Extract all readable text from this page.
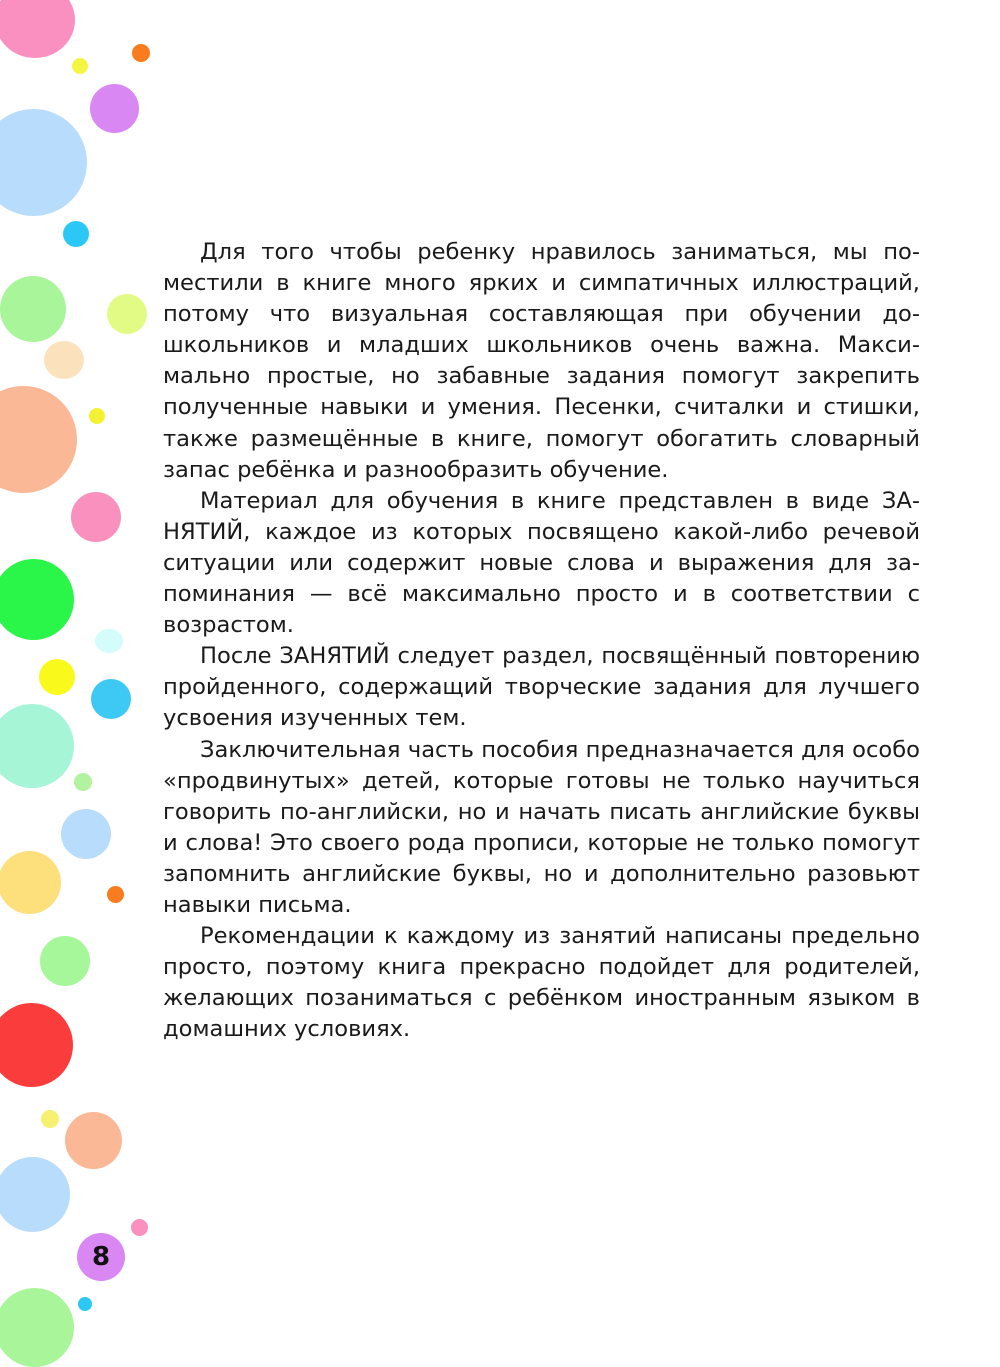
8

Для того чтобы ребенку нравилось заниматься, мы поместили в книге много ярких и симпатичных иллюстраций, потому что визуальная составляющая при обучении дошкольников и младших школьников очень важна. Максимально простые, но забавные задания помогут закрепить полученные навыки и умения. Песенки, считалки и стишки, также размещённые в книге, помогут обогатить словарный запас ребёнка и разнообразить обучение.

Материал для обучения в книге представлен в виде ЗАНЯТИЙ, каждое из которых посвящено какой-либо речевой ситуации или содержит новые слова и выражения для запоминания — всё максимально просто и в соответствии с возрастом.

После ЗАНЯТИЙ следует раздел, посвящённый повторению пройденного, содержащий творческие задания для лучшего усвоения изученных тем.

Заключительная часть пособия предназначается для особо «продвинутых» детей, которые готовы не только научиться говорить по-английски, но и начать писать английские буквы и слова! Это своего рода прописи, которые не только помогут запомнить английские буквы, но и дополнительно разовьют навыки письма.

Рекомендации к каждому из занятий написаны предельно просто, поэтому книга прекрасно подойдет для родителей, желающих позаниматься с ребёнком иностранным языком в домашних условиях.
